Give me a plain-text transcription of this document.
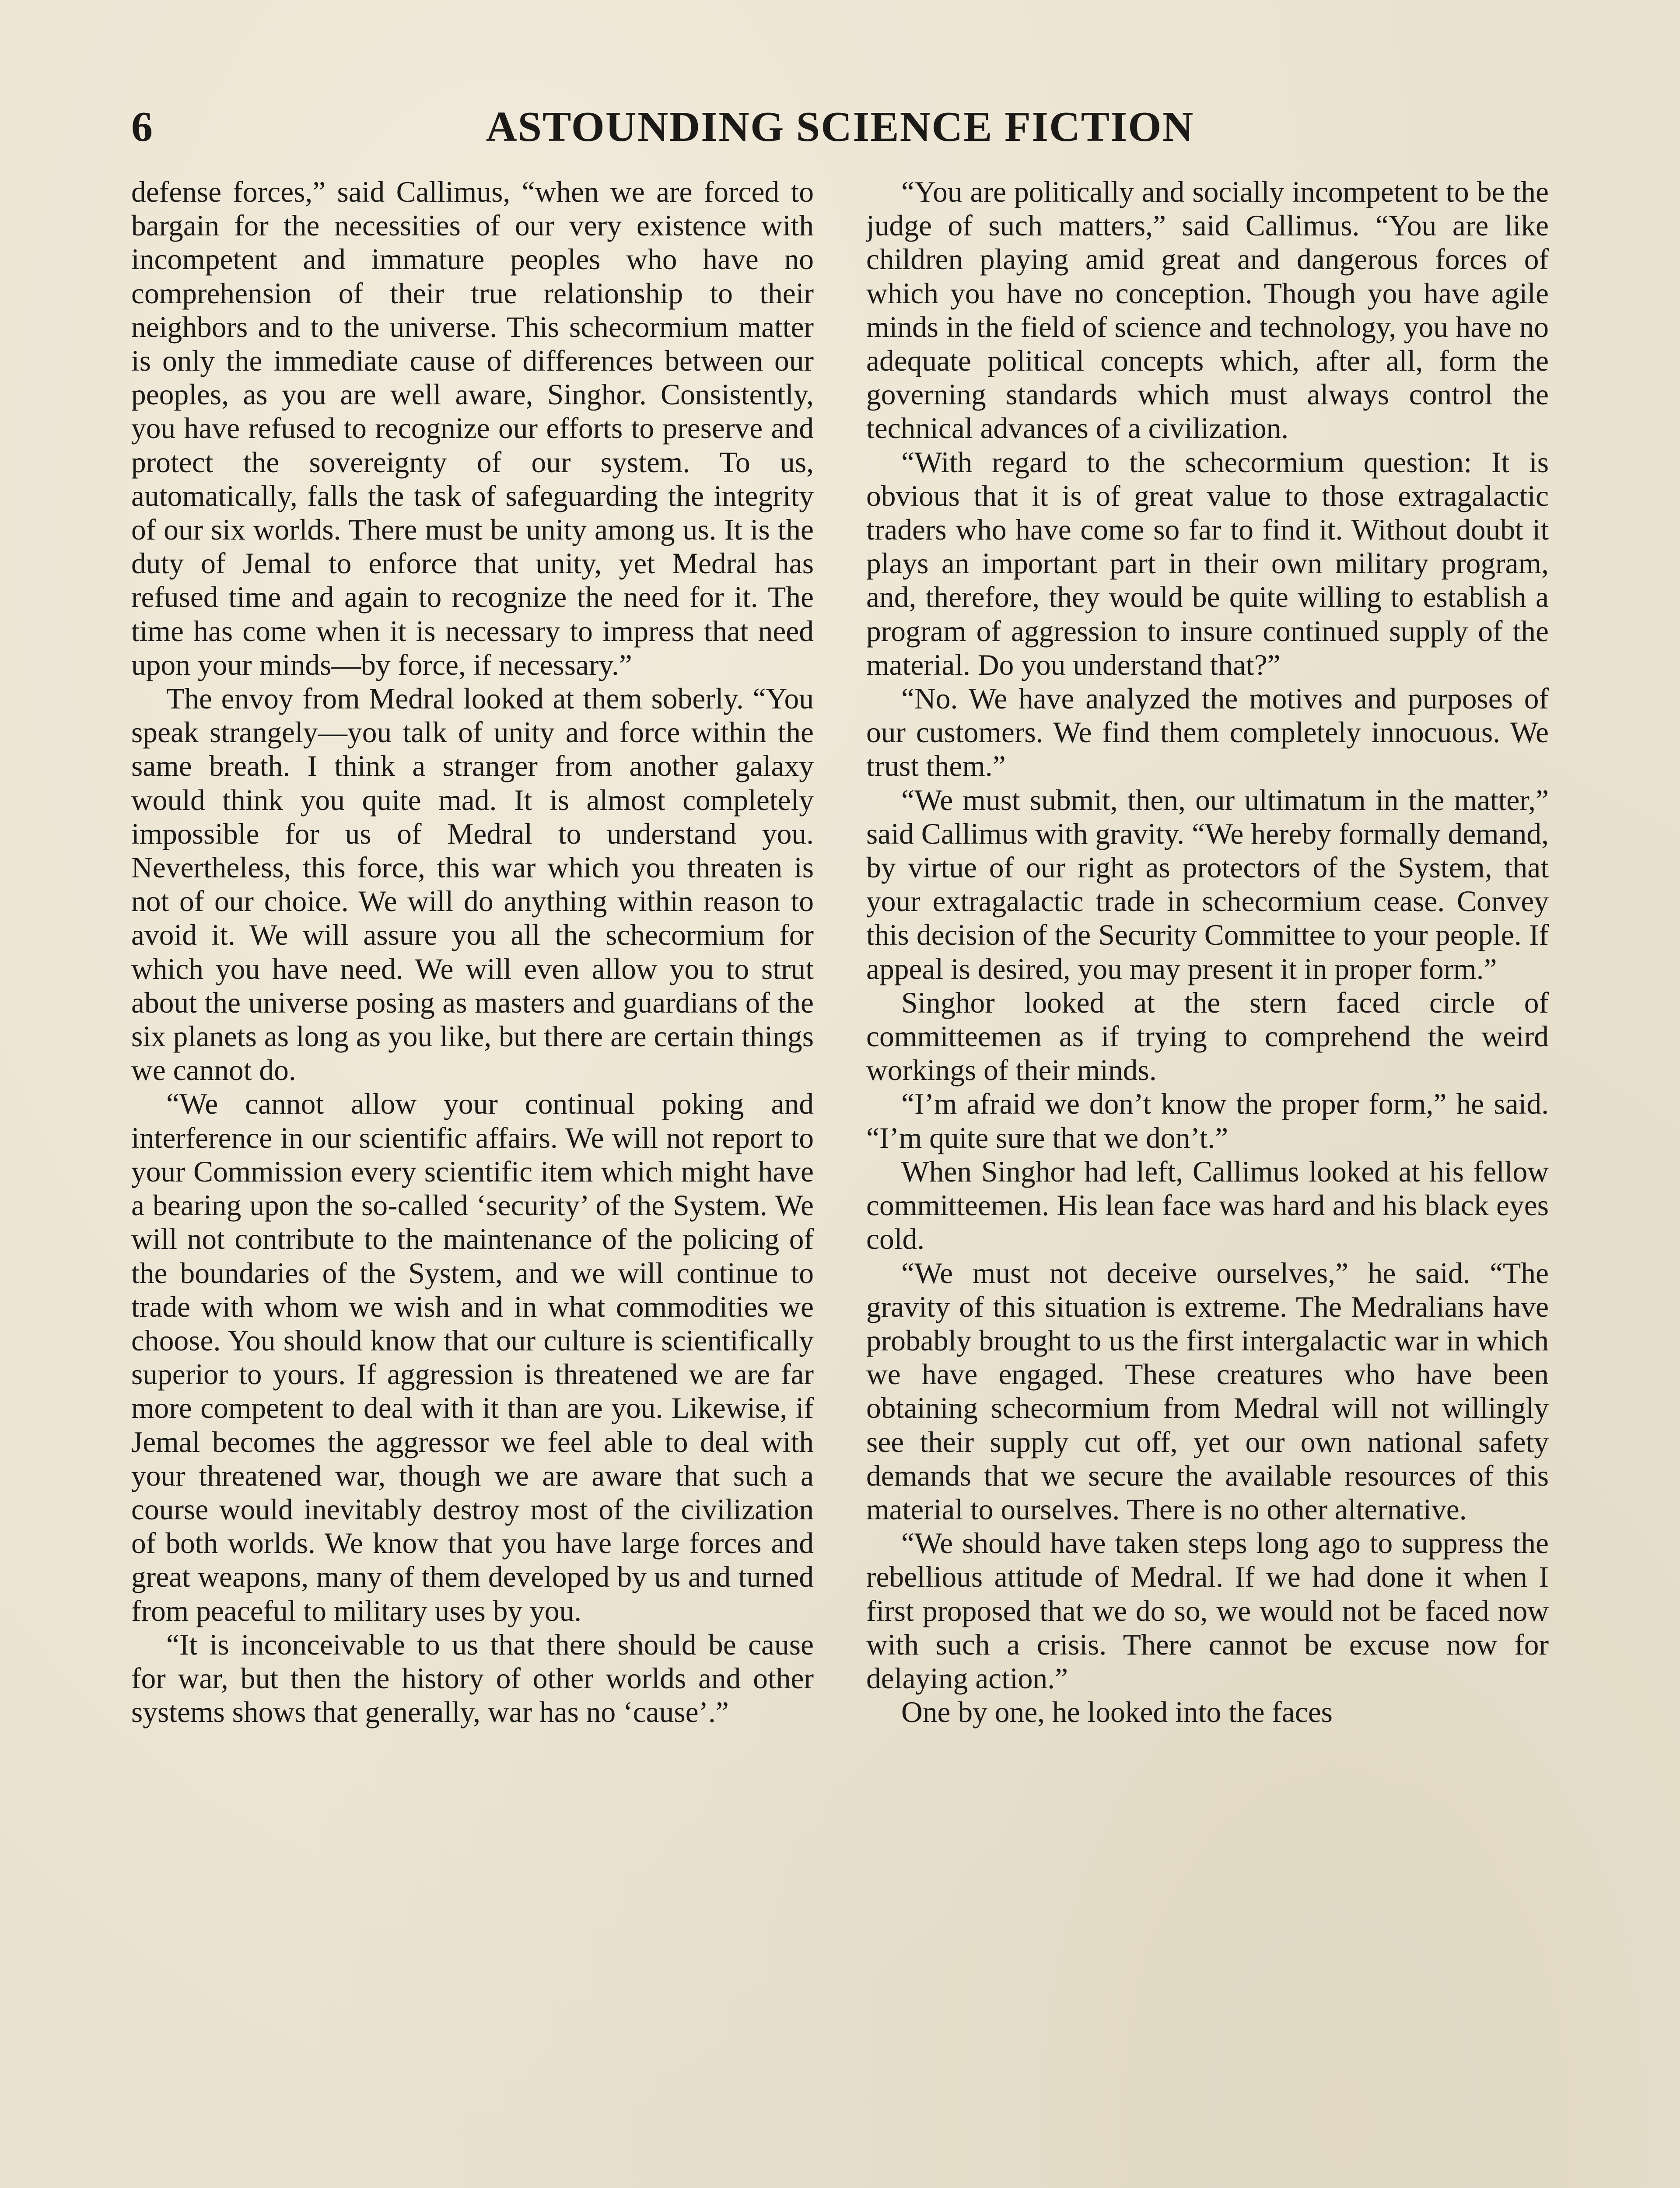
6	ASTOUNDING SCIENCE FICTION

defense forces,” said Callimus, “when we are forced to bargain for the necessities of our very existence with incompetent and immature peoples who have no comprehension of their true relationship to their neighbors and to the universe. This schecormium matter is only the immediate cause of differences between our peoples, as you are well aware, Singhor. Consistently, you have refused to recognize our efforts to preserve and protect the sovereignty of our system. To us, automatically, falls the task of safeguarding the integrity of our six worlds. There must be unity among us. It is the duty of Jemal to enforce that unity, yet Medral has refused time and again to recognize the need for it. The time has come when it is necessary to impress that need upon your minds—by force, if necessary.”

The envoy from Medral looked at them soberly. “You speak strangely—you talk of unity and force within the same breath. I think a stranger from another galaxy would think you quite mad. It is almost completely impossible for us of Medral to understand you. Nevertheless, this force, this war which you threaten is not of our choice. We will do anything within reason to avoid it. We will assure you all the schecormium for which you have need. We will even allow you to strut about the universe posing as masters and guardians of the six planets as long as you like, but there are certain things we cannot do.

“We cannot allow your continual poking and interference in our scientific affairs. We will not report to your Commission every scientific item which might have a bearing upon the so-called ‘security’ of the System. We will not contribute to the maintenance of the policing of the boundaries of the System, and we will continue to trade with whom we wish and in what commodities we choose. You should know that our culture is scientifically superior to yours. If aggression is threatened we are far more competent to deal with it than are you. Likewise, if Jemal becomes the aggressor we feel able to deal with your threatened war, though we are aware that such a course would inevitably destroy most of the civilization of both worlds. We know that you have large forces and great weapons, many of them developed by us and turned from peaceful to military uses by you.

“It is inconceivable to us that there should be cause for war, but then the history of other worlds and other systems shows that generally, war has no ‘cause’.”

“You are politically and socially incompetent to be the judge of such matters,” said Callimus. “You are like children playing amid great and dangerous forces of which you have no conception. Though you have agile minds in the field of science and technology, you have no adequate political concepts which, after all, form the governing standards which must always control the technical advances of a civilization.

“With regard to the schecormium question: It is obvious that it is of great value to those extragalactic traders who have come so far to find it. Without doubt it plays an important part in their own military program, and, therefore, they would be quite willing to establish a program of aggression to insure continued supply of the material. Do you understand that?”

“No. We have analyzed the motives and purposes of our customers. We find them completely innocuous. We trust them.”

“We must submit, then, our ultimatum in the matter,” said Callimus with gravity. “We hereby formally demand, by virtue of our right as protectors of the System, that your extragalactic trade in schecormium cease. Convey this decision of the Security Committee to your people. If appeal is desired, you may present it in proper form.”

Singhor looked at the stern faced circle of committeemen as if trying to comprehend the weird workings of their minds.

“I’m afraid we don’t know the proper form,” he said. “I’m quite sure that we don’t.”

When Singhor had left, Callimus looked at his fellow committeemen. His lean face was hard and his black eyes cold.

“We must not deceive ourselves,” he said. “The gravity of this situation is extreme. The Medralians have probably brought to us the first intergalactic war in which we have engaged. These creatures who have been obtaining schecormium from Medral will not willingly see their supply cut off, yet our own national safety demands that we secure the available resources of this material to ourselves. There is no other alternative.

“We should have taken steps long ago to suppress the rebellious attitude of Medral. If we had done it when I first proposed that we do so, we would not be faced now with such a crisis. There cannot be excuse now for delaying action.”

One by one, he looked into the faces
